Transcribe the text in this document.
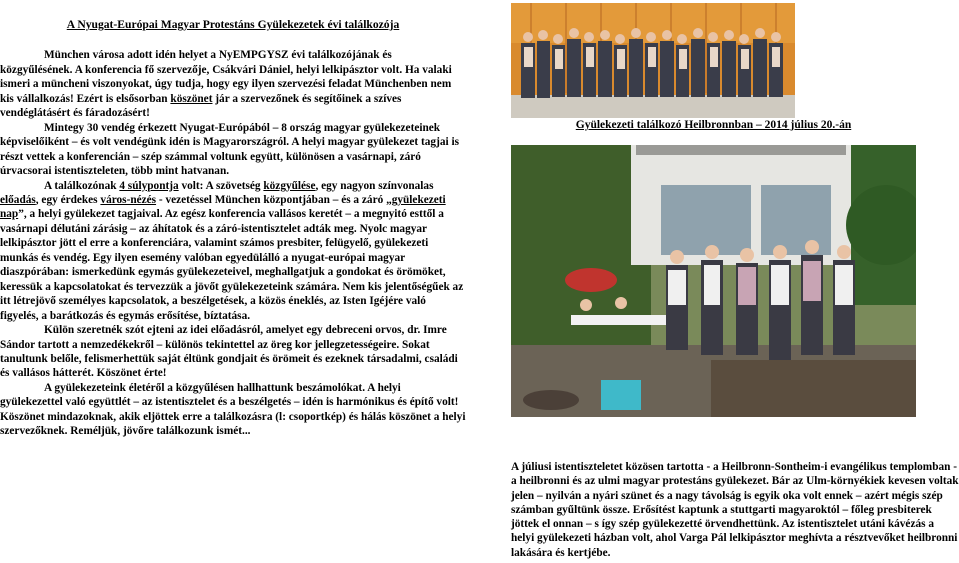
A Nyugat-Európai Magyar Protestáns Gyülekezetek évi találkozója

München városa adott idén helyet a NyEMPGYSZ évi találkozójának és közgyűlésének. A konferencia fő szervezője, Csákvári Dániel, helyi lelkipásztor volt. Ha valaki ismeri a müncheni viszonyokat, úgy tudja, hogy egy ilyen szervezési feladat Münchenben nem kis vállalkozás! Ezért is elsősorban köszönet jár a szervezőnek és segítőinek a szíves vendéglátásért és fáradozásért!

Mintegy 30 vendég érkezett Nyugat-Európából – 8 ország magyar gyülekezeteinek képviselőiként – és volt vendégünk idén is Magyarországról. A helyi magyar gyülekezet tagjai is részt vettek a konferencián – szép számmal voltunk együtt, különösen a vasárnapi, záró úrvacsorai istentiszteleten, több mint hatvanan.

A találkozónak 4 súlypontja volt: A szövetség közgyűlése, egy nagyon színvonalas előadás, egy érdekes város-nézés - vezetéssel München központjában – és a záró „gyülekezeti nap”, a helyi gyülekezet tagjaival. Az egész konferencia vallásos keretét – a megnyitó esttől a vasárnapi délutáni zárásig – az áhítatok és a záró-istentisztelet adták meg. Nyolc magyar lelkipásztor jött el erre a konferenciára, valamint számos presbiter, felügyelő, gyülekezeti munkás és vendég. Egy ilyen esemény valóban egyedülálló a nyugat-európai magyar diaszpórában: ismerkedünk egymás gyülekezeteivel, meghallgatjuk a gondokat és örömöket, keressük a kapcsolatokat és tervezzük a jövőt gyülekezeteink számára. Nem kis jelentőségűek az itt létrejövő személyes kapcsolatok, a beszélgetések, a közös éneklés, az Isten Igéjére való figyelés, a barátkozás és egymás erősítése, bíztatása.

Külön szeretnék szót ejteni az idei előadásról, amelyet egy debreceni orvos, dr. Imre Sándor tartott a nemzedékekről – különös tekintettel az öreg kor jellegzetességeire. Sokat tanultunk belőle, felismerhettük saját éltünk gondjait és örömeit és ezeknek társadalmi, családi és vallásos hátterét. Köszönet érte!

A gyülekezeteink életéről a közgyűlésen hallhattunk beszámolókat. A helyi gyülekezettel való együttlét – az istentisztelet és a beszélgetés – idén is harmónikus és építő volt! Köszönet mindazoknak, akik eljöttek erre a találkozásra (l: csoportkép) és hálás köszönet a helyi szervezőknek. Reméljük, jövőre találkozunk ismét...

Gyülekezeti találkozó Heilbronnban – 2014 július 20.-án

A júliusi istentiszteletet közösen tartotta - a Heilbronn-Sontheim-i evangélikus templomban - a heilbronni és az ulmi magyar protestáns gyülekezet. Bár az Ulm-környékiek kevesen voltak jelen – nyilván a nyári szünet és a nagy távolság is egyik oka volt ennek – azért mégis szép számban gyűltünk össze. Erősítést kaptunk a stuttgarti magyaroktól – főleg presbiterek jöttek el onnan – s így szép gyülekezetté örvendhettünk. Az istentisztelet utáni kávézás a helyi gyülekezeti házban volt, ahol Varga Pál lelkipásztor meghívta a résztvevőket heilbronni lakására és kertjébe.
